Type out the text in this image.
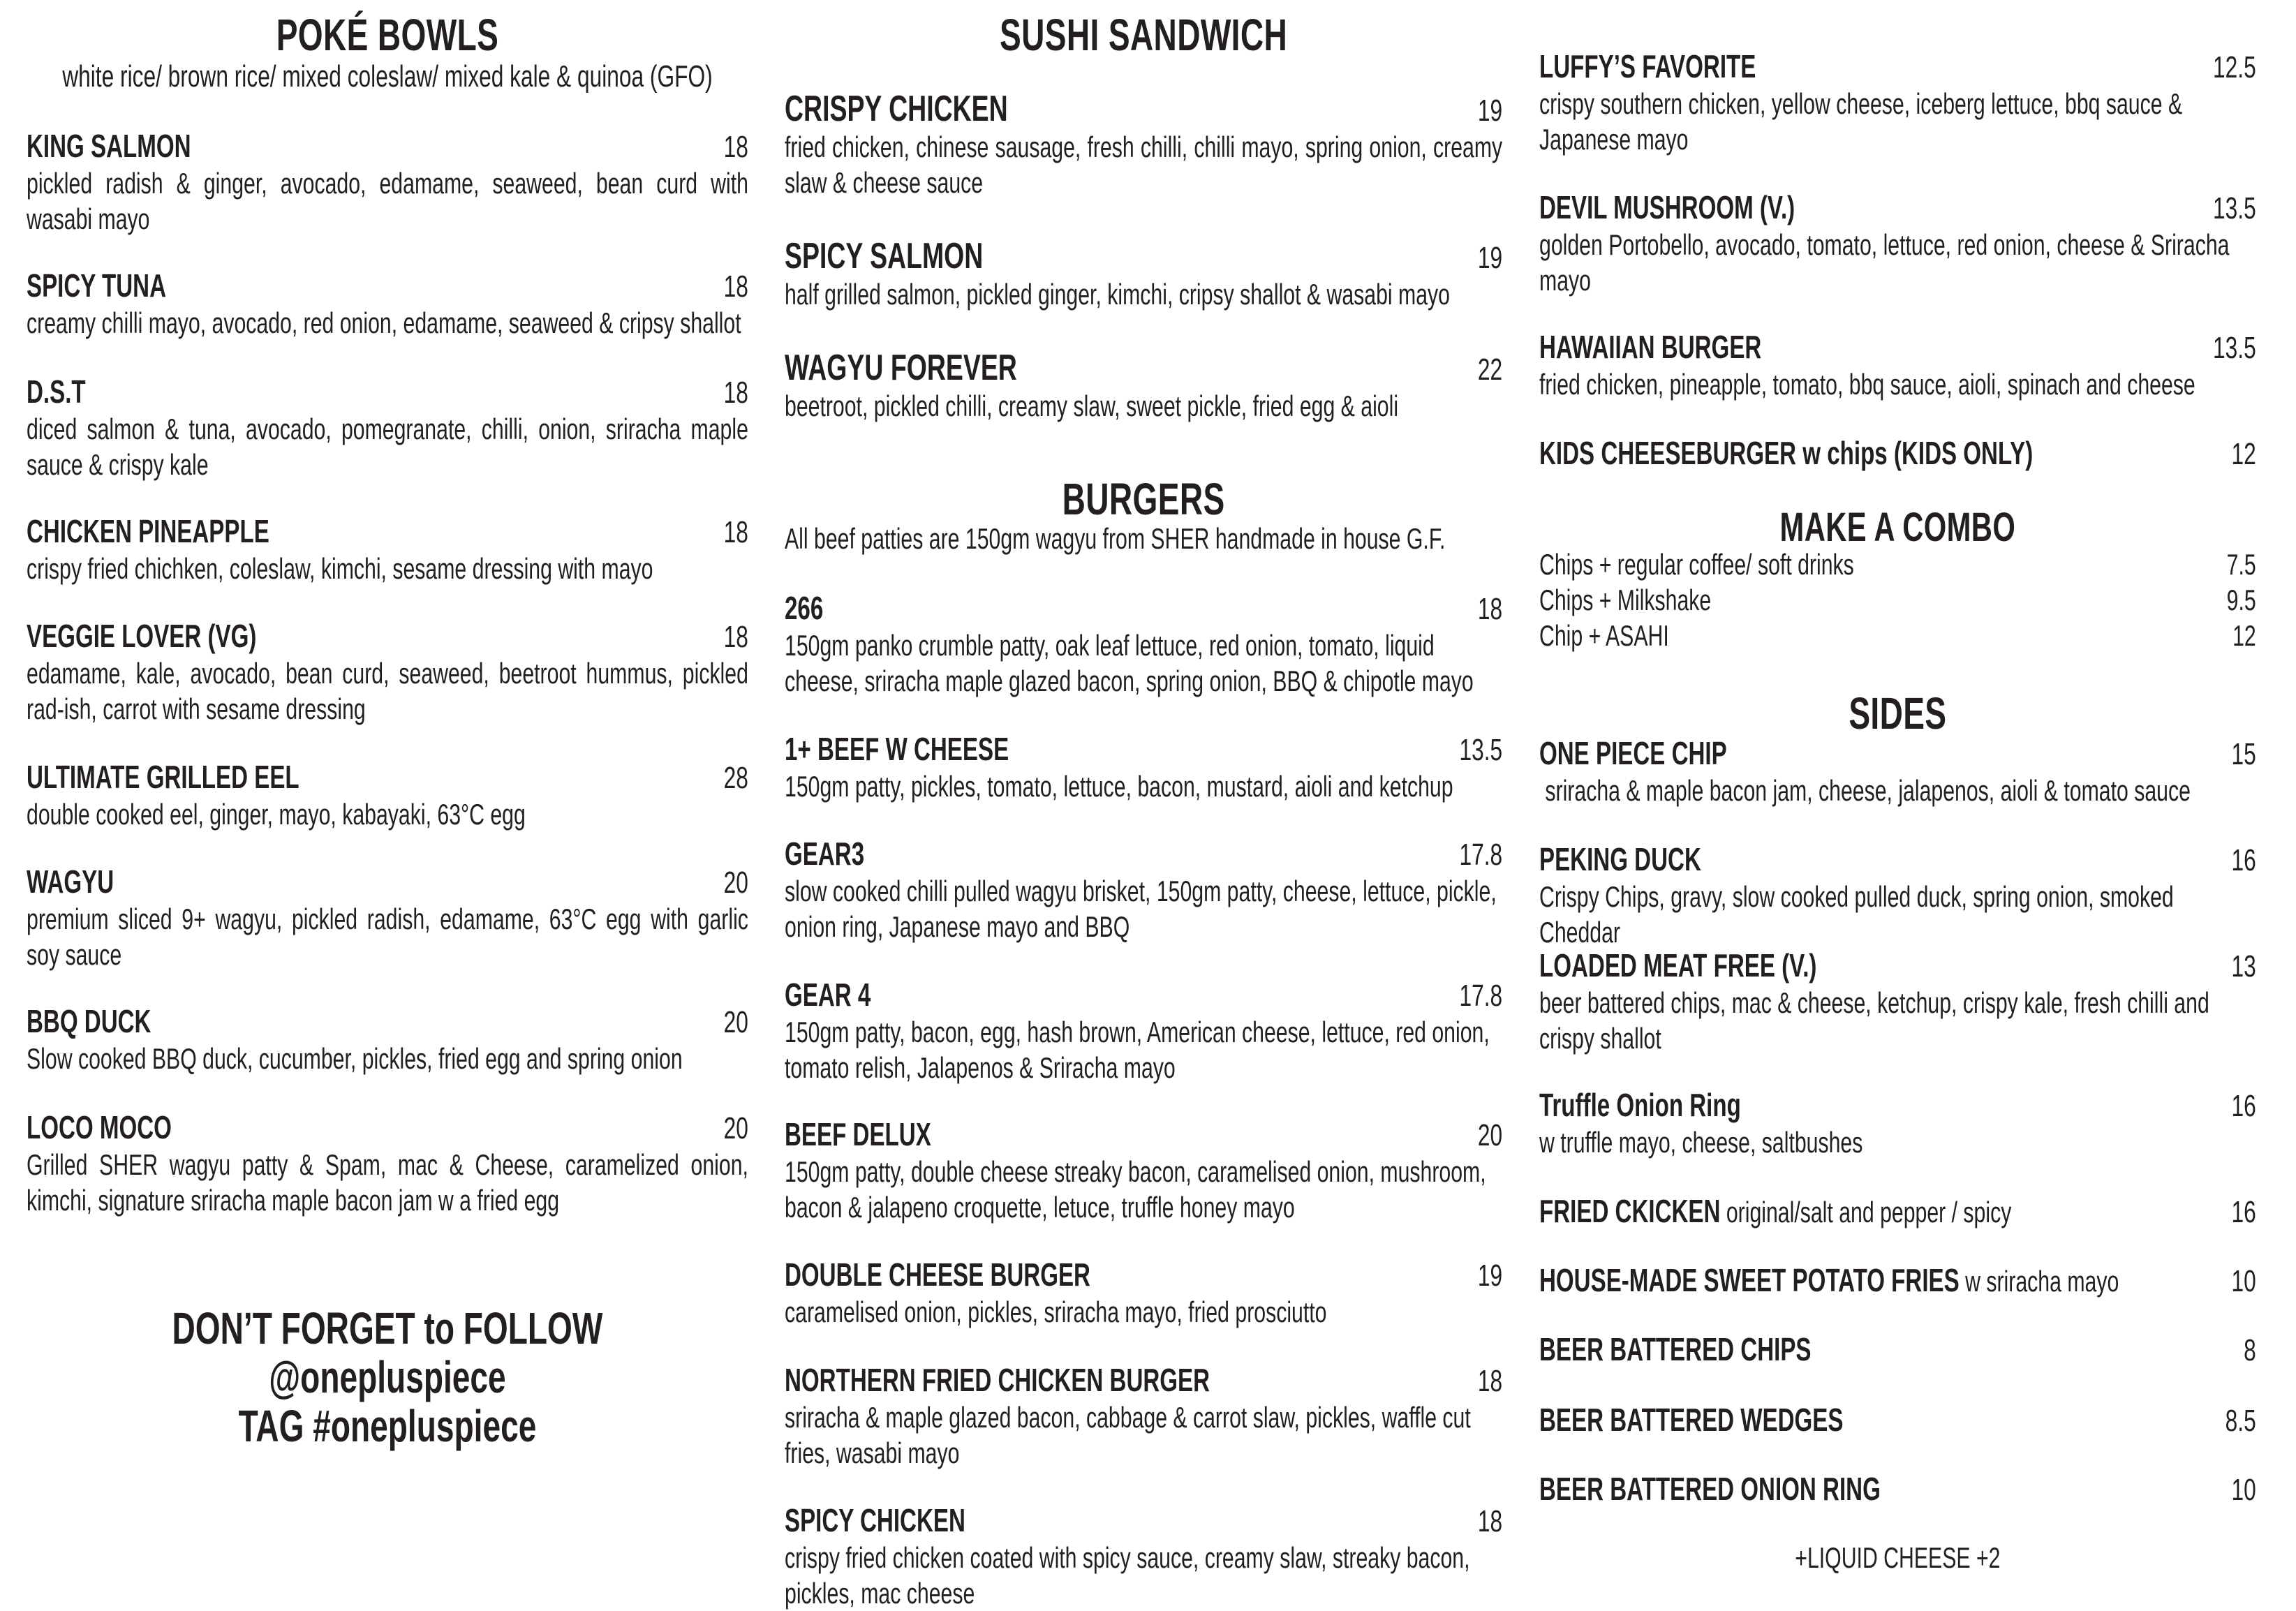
POKÉ BOWLS
white rice/ brown rice/ mixed coleslaw/ mixed kale & quinoa (GFO)
KING SALMON	18
pickled radish & ginger, avocado, edamame, seaweed, bean curd with wasabi mayo
SPICY TUNA	18
creamy chilli mayo, avocado, red onion, edamame, seaweed & cripsy shallot
D.S.T	18
diced salmon & tuna, avocado, pomegranate, chilli, onion, sriracha maple sauce & crispy kale
CHICKEN PINEAPPLE	18
crispy fried chichken, coleslaw, kimchi, sesame dressing with mayo
VEGGIE LOVER (VG)	18
edamame, kale, avocado, bean curd, seaweed, beetroot hummus, pickled rad-ish, carrot with sesame dressing
ULTIMATE GRILLED EEL	28
double cooked eel, ginger, mayo, kabayaki, 63°C egg
WAGYU	20
premium sliced 9+ wagyu, pickled radish, edamame, 63°C egg with garlic soy sauce
BBQ DUCK	20
Slow cooked BBQ duck, cucumber, pickles, fried egg and spring onion
LOCO MOCO	20
Grilled SHER wagyu patty & Spam, mac & Cheese, caramelized onion, kimchi, signature sriracha maple bacon jam w a fried egg
DON’T FORGET to FOLLOW
@onepluspiece
TAG #onepluspiece
SUSHI SANDWICH
CRISPY CHICKEN	19
fried chicken, chinese sausage, fresh chilli, chilli mayo, spring onion, creamy slaw & cheese sauce
SPICY SALMON	19
half grilled salmon, pickled ginger, kimchi, cripsy shallot & wasabi mayo
WAGYU FOREVER	22
beetroot, pickled chilli, creamy slaw, sweet pickle, fried egg & aioli
BURGERS
All beef patties are 150gm wagyu from SHER handmade in house G.F.
266	18
150gm panko crumble patty, oak leaf lettuce, red onion, tomato, liquid cheese, sriracha maple glazed bacon, spring onion, BBQ & chipotle mayo
1+ BEEF W CHEESE	13.5
150gm patty, pickles, tomato, lettuce, bacon, mustard, aioli and ketchup
GEAR3	17.8
slow cooked chilli pulled wagyu brisket, 150gm patty, cheese, lettuce, pickle, onion ring, Japanese mayo and BBQ
GEAR 4	17.8
150gm patty, bacon, egg, hash brown, American cheese, lettuce, red onion, tomato relish, Jalapenos & Sriracha mayo
BEEF DELUX	20
150gm patty, double cheese streaky bacon, caramelised onion, mushroom, bacon & jalapeno croquette, letuce, truffle honey mayo
DOUBLE CHEESE BURGER	19
caramelised onion, pickles, sriracha mayo, fried prosciutto
NORTHERN FRIED CHICKEN BURGER	18
sriracha & maple glazed bacon, cabbage & carrot slaw, pickles, waffle cut fries, wasabi mayo
SPICY CHICKEN	18
crispy fried chicken coated with spicy sauce, creamy slaw, streaky bacon, pickles, mac cheese
LUFFY’S FAVORITE	12.5
crispy southern chicken, yellow cheese, iceberg lettuce, bbq sauce & Japanese mayo
DEVIL MUSHROOM (V.)	13.5
golden Portobello, avocado, tomato, lettuce, red onion, cheese & Sriracha mayo
HAWAIIAN BURGER	13.5
fried chicken, pineapple, tomato, bbq sauce, aioli, spinach and cheese
KIDS CHEESEBURGER w chips (KIDS ONLY)	12
MAKE A COMBO
Chips + regular coffee/ soft drinks	7.5
Chips + Milkshake	9.5
Chip + ASAHI	12
SIDES
ONE PIECE CHIP	15
sriracha & maple bacon jam, cheese, jalapenos, aioli & tomato sauce
PEKING DUCK	16
Crispy Chips, gravy, slow cooked pulled duck, spring onion, smoked Cheddar
LOADED MEAT FREE (V.)	13
beer battered chips, mac & cheese, ketchup, crispy kale, fresh chilli and crispy shallot
Truffle Onion Ring	16
w truffle mayo, cheese, saltbushes
FRIED CKICKEN original/salt and pepper / spicy	16
HOUSE-MADE SWEET POTATO FRIES w sriracha mayo	10
BEER BATTERED CHIPS	8
BEER BATTERED WEDGES	8.5
BEER BATTERED ONION RING	10
+LIQUID CHEESE +2
